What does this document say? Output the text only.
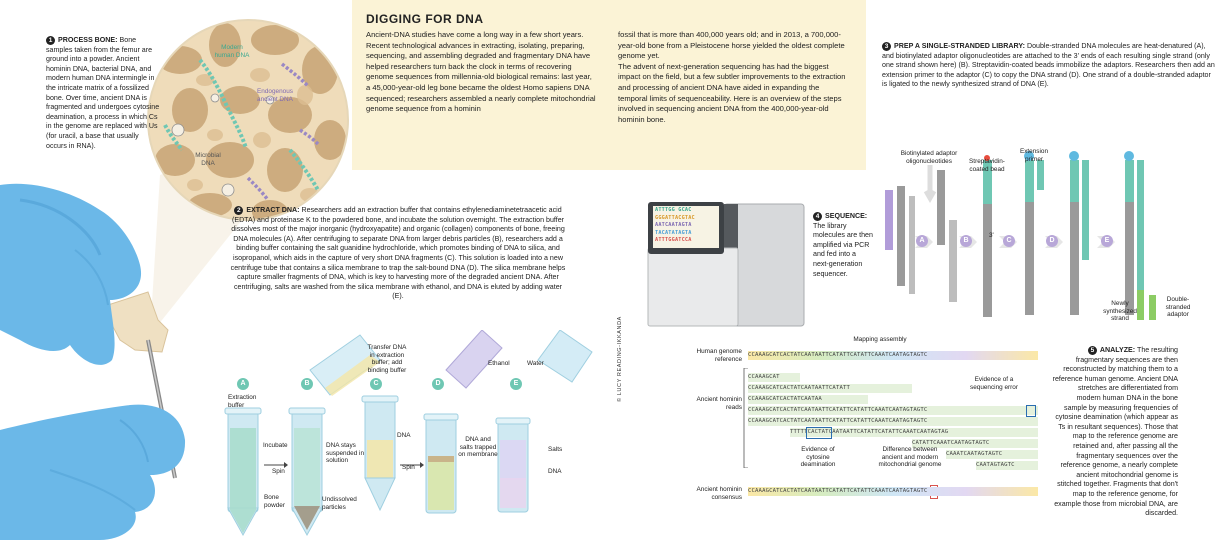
Modern human DNA
Endogenous ancient DNA
Microbial DNA
1 PROCESS BONE: Bone samples taken from the femur are ground into a powder. Ancient hominin DNA, bacterial DNA, and modern human DNA intermingle in the intricate matrix of a fossilized bone. Over time, ancient DNA is fragmented and undergoes cytosine deamination, a process in which Cs in the genome are replaced with Us (for uracil, a base that usually occurs in RNA).
DIGGING FOR DNA
Ancient-DNA studies have come a long way in a few short years. Recent technological advances in extracting, isolating, preparing, sequencing, and assembling degraded and fragmentary DNA have helped researchers turn back the clock in terms of recovering genome sequences from millennia-old biological remains: last year, a 45,000-year-old leg bone became the oldest Homo sapiens DNA sequenced; researchers assembled a nearly complete mitochondrial genome sequence from a hominin
fossil that is more than 400,000 years old; and in 2013, a 700,000-year-old bone from a Pleistocene horse yielded the oldest complete genome yet.
The advent of next-generation sequencing has had the biggest impact on the field, but a few subtler improvements to the extraction and processing of ancient DNA have aided in expanding the temporal limits of sequenceability. Here is an overview of the steps involved in sequencing ancient DNA from the 400,000-year-old hominin bone.
2 EXTRACT DNA: Researchers add an extraction buffer that contains ethylenediaminetetraacetic acid (EDTA) and proteinase K to the powdered bone, and incubate the solution overnight. The extraction buffer dissolves most of the major inorganic (hydroxyapatite) and organic (collagen) components of bone, freeing DNA molecules (A). After centrifuging to separate DNA from larger debris particles (B), researchers add a binding buffer containing the salt guanidine hydrochloride, which promotes binding of DNA to silica, and isopropanol, which aids in the capture of very short DNA fragments (C). This solution is loaded into a new centrifuge tube that contains a silica membrane to trap the salt-bound DNA (D). The silica membrane helps capture smaller fragments of DNA, which is key to harvesting more of the degraded ancient DNA. After centrifuging, salts are washed from the silica membrane with ethanol, and DNA is eluted by adding water (E).
A	B	C	D	E
Extraction buffer
Incubate
Spin
Bone powder
DNA stays suspended in solution
Undissolved particles
Transfer DNA in extraction buffer; add binding buffer
DNA
Spin
DNA and salts trapped on membrane
Ethanol	Water
Salts
DNA
ATTTGG GCAC
GGGATTACGTAC
AATCAATAGTA
TACATATAGTA
ATTTGGATCCA
4 SEQUENCE: The library molecules are then amplified via PCR and fed into a next-generation sequencer.
3 PREP A SINGLE-STRANDED LIBRARY: Double-stranded DNA molecules are heat-denatured (A), and biotinylated adaptor oligonucleotides are attached to the 3' ends of each resulting single strand (only one strand shown here) (B). Streptavidin-coated beads immobilize the adaptors. Researchers then add an extension primer to the adaptor (C) to copy the DNA strand (D). One strand of a double-stranded adaptor is ligated to the newly synthesized strand of DNA (E).
A	B	C	D	E
Biotinylated adaptor oligonucleotides	Streptavidin-coated bead
Extension primer
3'
Newly synthesized strand
Double-stranded adaptor
Mapping assembly
Human genome reference
Ancient hominin reads
Ancient hominin consensus
CCAAAGCATCACTATCAATAATTCATATTCATATTCAAATCAATAGTAGTC
CCAAAGCAT
CCAAAGCATCACTATCAATAATTCATATT
CCAAAGCATCACTATCAATAA
CCAAAGCATCACTATCAATAATTCATATTCATATTCAAATCAATAGTAGTC
CCAAAGCATCACTATCAATAATTCATATTCATATTCAAATCAATAGTAGTC
TTTTTCACTATCAATAATTCATATTCATATTCAAATCAATAGTAG
CATATTCAAATCAATAGTAGTC
CAAATCAATAGTAGTC
CAATAGTAGTC
Evidence of a sequencing error
Evidence of cytosine deamination
Difference between ancient and modern mitochondrial genome
CCAAAGCATCACTATCAATAATTCATATTCATATTCAAATCAATAGTAGTC
5 ANALYZE: The resulting fragmentary sequences are then reconstructed by matching them to a reference human genome. Ancient DNA stretches are differentiated from modern human DNA in the bone sample by measuring frequencies of cytosine deamination (which appear as Ts in resultant sequences). Those that map to the reference genome are retained and, after passing all the fragmentary sequences over the reference genome, a nearly complete ancient mitochondrial genome is stitched together. Fragments that don't map to the reference genome, for example those from microbial DNA, are discarded.
© LUCY READING-IKKANDA
